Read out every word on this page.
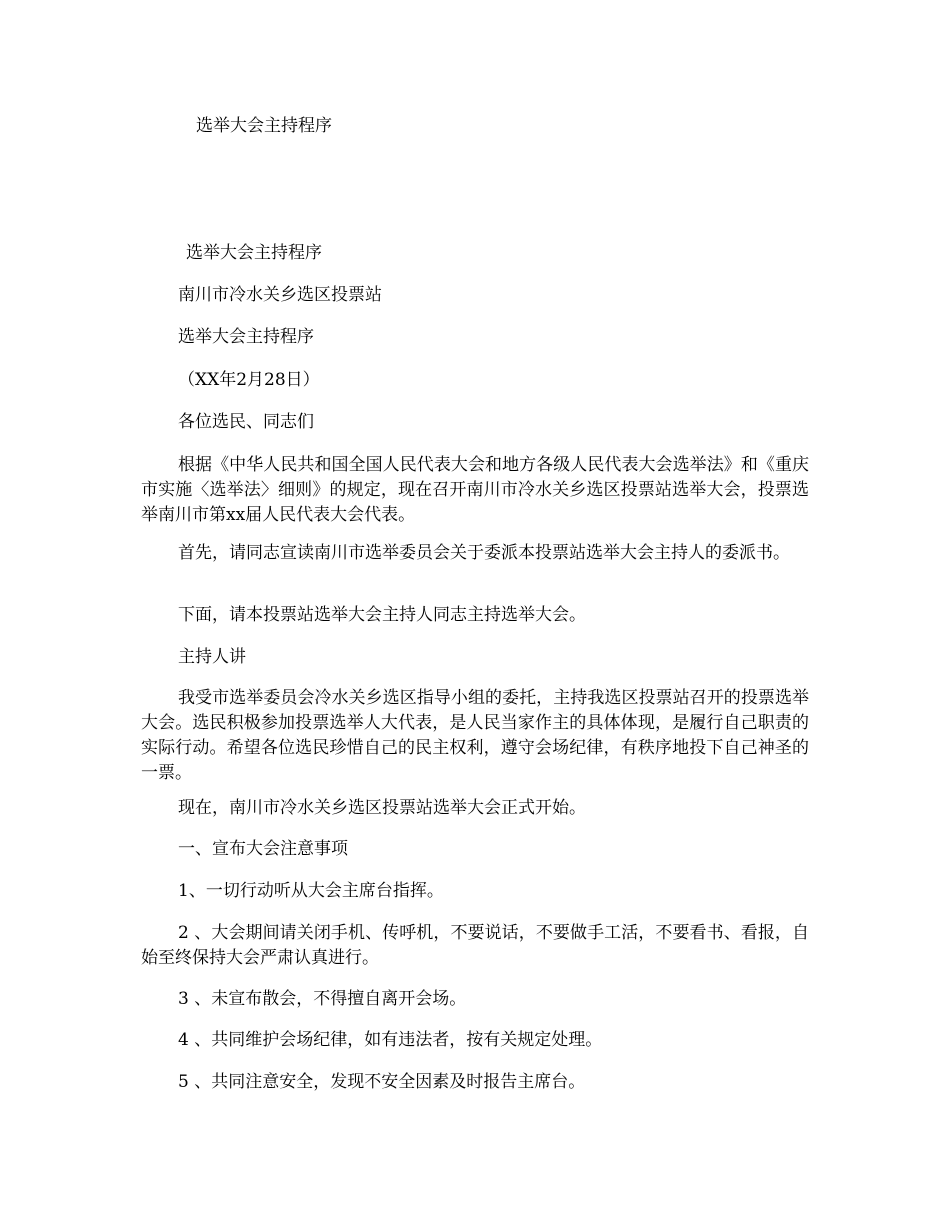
选举大会主持程序
选举大会主持程序
南川市冷水关乡选区投票站
选举大会主持程序
（XX年2月28日）
各位选民、同志们
根据《中华人民共和国全国人民代表大会和地方各级人民代表大会选举法》和《重庆市实施〈选举法〉细则》的规定，现在召开南川市冷水关乡选区投票站选举大会，投票选举南川市第xx届人民代表大会代表。
首先，请同志宣读南川市选举委员会关于委派本投票站选举大会主持人的委派书。
下面，请本投票站选举大会主持人同志主持选举大会。
主持人讲
我受市选举委员会冷水关乡选区指导小组的委托，主持我选区投票站召开的投票选举大会。选民积极参加投票选举人大代表，是人民当家作主的具体体现，是履行自己职责的实际行动。希望各位选民珍惜自己的民主权利，遵守会场纪律，有秩序地投下自己神圣的一票。
现在，南川市冷水关乡选区投票站选举大会正式开始。
一、宣布大会注意事项
1、一切行动听从大会主席台指挥。
2 、大会期间请关闭手机、传呼机，不要说话，不要做手工活，不要看书、看报，自始至终保持大会严肃认真进行。
3 、未宣布散会，不得擅自离开会场。
4 、共同维护会场纪律，如有违法者，按有关规定处理。
5 、共同注意安全，发现不安全因素及时报告主席台。
